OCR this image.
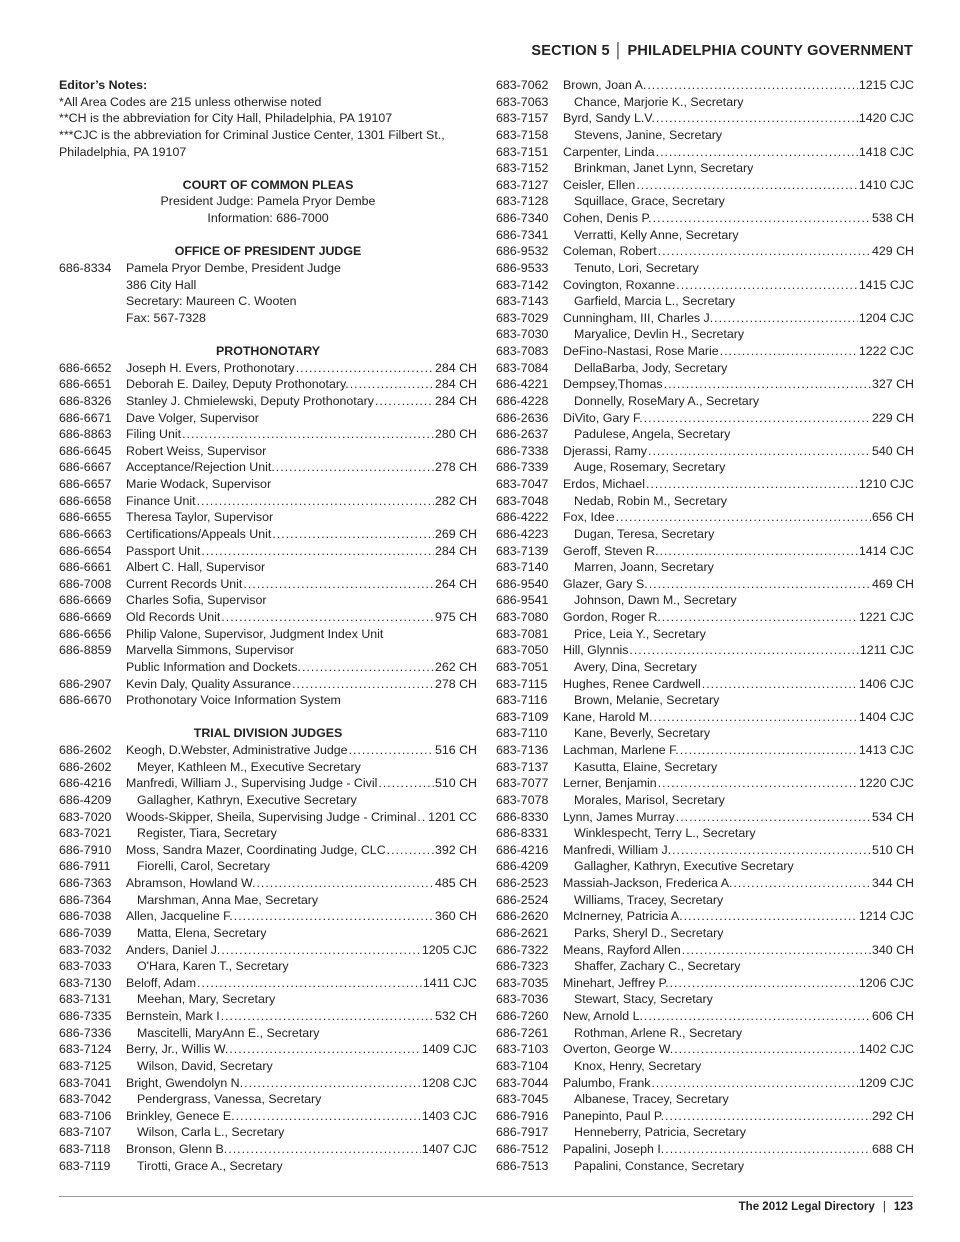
SECTION 5 │ PHILADELPHIA COUNTY GOVERNMENT
Editor’s Notes:
*All Area Codes are 215 unless otherwise noted
**CH is the abbreviation for City Hall, Philadelphia, PA 19107
***CJC is the abbreviation for Criminal Justice Center, 1301 Filbert St.,
Philadelphia, PA 19107
COURT OF COMMON PLEAS
President Judge: Pamela Pryor Dembe
Information: 686-7000
OFFICE OF PRESIDENT JUDGE
686-8334	Pamela Pryor Dembe, President Judge
386 City Hall
Secretary: Maureen C. Wooten
Fax: 567-7328
PROTHONOTARY
686-6652	Joseph H. Evers, Prothonotary .....	284 CH
686-6651	Deborah E. Dailey, Deputy Prothonotary. .....	284 CH
686-8326	Stanley J. Chmielewski, Deputy Prothonotary .....	284 CH
686-6671	Dave Volger, Supervisor
686-8863	Filing Unit .....	280 CH
686-6645	Robert Weiss, Supervisor
686-6667	Acceptance/Rejection Unit. .....	278 CH
686-6657	Marie Wodack, Supervisor
686-6658	Finance Unit .....	282 CH
686-6655	Theresa Taylor, Supervisor
686-6663	Certifications/Appeals Unit .....	269 CH
686-6654	Passport Unit .....	284 CH
686-6661	Albert C. Hall, Supervisor
686-7008	Current Records Unit .....	264 CH
686-6669	Charles Sofia, Supervisor
686-6669	Old Records Unit .....	975 CH
686-6656	Philip Valone, Supervisor, Judgment Index Unit
686-8859	Marvella Simmons, Supervisor
Public Information and Dockets. .....	262 CH
686-2907	Kevin Daly, Quality Assurance .....	278 CH
686-6670	Prothonotary Voice Information System
TRIAL DIVISION JUDGES
686-2602	Keogh, D.Webster, Administrative Judge .....	516 CH
686-2602	Meyer, Kathleen M., Executive Secretary
686-4216	Manfredi, William J., Supervising Judge - Civil .....	510 CH
686-4209	Gallagher, Kathryn, Executive Secretary
683-7020	Woods-Skipper, Sheila, Supervising Judge - Criminal ..... 1201 CC
683-7021	Register, Tiara, Secretary
686-7910	Moss, Sandra Mazer, Coordinating Judge, CLC .....	392 CH
686-7911	Fiorelli, Carol, Secretary
686-7363	Abramson, Howland W. .....	485 CH
686-7364	Marshman, Anna Mae, Secretary
686-7038	Allen, Jacqueline F. .....	360 CH
686-7039	Matta, Elena, Secretary
683-7032	Anders, Daniel J. .....	1205 CJC
683-7033	O'Hara, Karen T., Secretary
683-7130	Beloff, Adam .....	1411 CJC
683-7131	Meehan, Mary, Secretary
686-7335	Bernstein, Mark I .....	532 CH
686-7336	Mascitelli, MaryAnn E., Secretary
683-7124	Berry, Jr., Willis W. .....	1409 CJC
683-7125	Wilson, David, Secretary
683-7041	Bright, Gwendolyn N. .....	1208 CJC
683-7042	Pendergrass, Vanessa, Secretary
683-7106	Brinkley, Genece E. .....	1403 CJC
683-7107	Wilson, Carla L., Secretary
683-7118	Bronson, Glenn B. .....	1407 CJC
683-7119	Tirotti, Grace A., Secretary
683-7062	Brown, Joan A. .....	1215 CJC
683-7063	Chance, Marjorie K., Secretary
683-7157	Byrd, Sandy L.V. .....	1420 CJC
683-7158	Stevens, Janine, Secretary
683-7151	Carpenter, Linda .....	1418 CJC
683-7152	Brinkman, Janet Lynn, Secretary
683-7127	Ceisler, Ellen .....	1410 CJC
683-7128	Squillace, Grace, Secretary
686-7340	Cohen, Denis P. .....	538 CH
686-7341	Verratti, Kelly Anne, Secretary
686-9532	Coleman, Robert .....	429 CH
686-9533	Tenuto, Lori, Secretary
683-7142	Covington, Roxanne .....	1415 CJC
683-7143	Garfield, Marcia L., Secretary
683-7029	Cunningham, III, Charles J. .....	1204 CJC
683-7030	Maryalice, Devlin H., Secretary
683-7083	DeFino-Nastasi, Rose Marie .....	1222 CJC
683-7084	DellaBarba, Jody, Secretary
686-4221	Dempsey,Thomas .....	327 CH
686-4228	Donnelly, RoseMary A., Secretary
686-2636	DiVito, Gary F. .....	229 CH
686-2637	Padulese, Angela, Secretary
686-7338	Djerassi, Ramy .....	540 CH
686-7339	Auge, Rosemary, Secretary
683-7047	Erdos, Michael .....	1210 CJC
683-7048	Nedab, Robin M., Secretary
686-4222	Fox, Idee .....	656 CH
686-4223	Dugan, Teresa, Secretary
683-7139	Geroff, Steven R. .....	1414 CJC
683-7140	Marren, Joann, Secretary
686-9540	Glazer, Gary S. .....	469 CH
686-9541	Johnson, Dawn M., Secretary
683-7080	Gordon, Roger R. .....	1221 CJC
683-7081	Price, Leia Y., Secretary
683-7050	Hill, Glynnis .....	1211 CJC
683-7051	Avery, Dina, Secretary
683-7115	Hughes, Renee Cardwell .....	1406 CJC
683-7116	Brown, Melanie, Secretary
683-7109	Kane, Harold M. .....	1404 CJC
683-7110	Kane, Beverly, Secretary
683-7136	Lachman, Marlene F. .....	1413 CJC
683-7137	Kasutta, Elaine, Secretary
683-7077	Lerner, Benjamin .....	1220 CJC
683-7078	Morales, Marisol, Secretary
686-8330	Lynn, James Murray .....	534 CH
686-8331	Winklespecht, Terry L., Secretary
686-4216	Manfredi, William J. .....	510 CH
686-4209	Gallagher, Kathryn, Executive Secretary
686-2523	Massiah-Jackson, Frederica A. .....	344 CH
686-2524	Williams, Tracey, Secretary
686-2620	McInerney, Patricia A. .....	1214 CJC
686-2621	Parks, Sheryl D., Secretary
686-7322	Means, Rayford Allen .....	340 CH
686-7323	Shaffer, Zachary C., Secretary
683-7035	Minehart, Jeffrey P. .....	1206 CJC
683-7036	Stewart, Stacy, Secretary
686-7260	New, Arnold L. .....	606 CH
686-7261	Rothman, Arlene R., Secretary
683-7103	Overton, George W. .....	1402 CJC
683-7104	Knox, Henry, Secretary
683-7044	Palumbo, Frank .....	1209 CJC
683-7045	Albanese, Tracey, Secretary
686-7916	Panepinto, Paul P. .....	292 CH
686-7917	Henneberry, Patricia, Secretary
686-7512	Papalini, Joseph I. .....	688 CH
686-7513	Papalini, Constance, Secretary
The 2012 Legal Directory | 123
